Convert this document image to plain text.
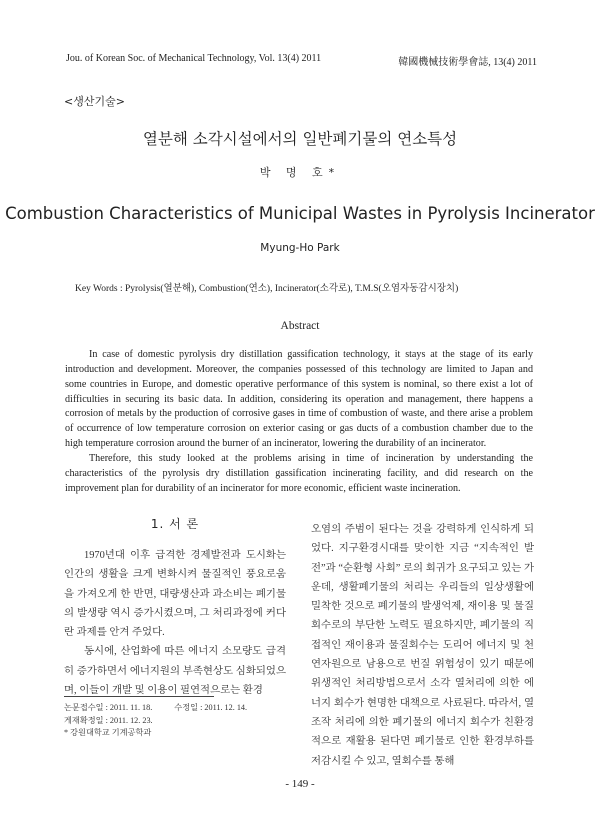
Jou. of Korean Soc. of Mechanical Technology, Vol. 13(4) 2011	韓國機械技術學會誌, 13(4) 2011
<생산기술>
열분해 소각시설에서의 일반폐기물의 연소특성
박 명 호*
Combustion Characteristics of Municipal Wastes in Pyrolysis Incinerator
Myung-Ho Park
Key Words : Pyrolysis(열분해), Combustion(연소), Incinerator(소각로), T.M.S(오염자동감시장치)
Abstract

In case of domestic pyrolysis dry distillation gassification technology, it stays at the stage of its early introduction and development. Moreover, the companies possessed of this technology are limited to Japan and some countries in Europe, and domestic operative performance of this system is nominal, so there exist a lot of difficulties in securing its basic data. In addition, considering its operation and management, there happens a corrosion of metals by the production of corrosive gases in time of combustion of waste, and there arise a problem of occurrence of low temperature corrosion on exterior casing or gas ducts of a combustion chamber due to the high temperature corrosion around the burner of an incinerator, lowering the durability of an incinerator.

Therefore, this study looked at the problems arising in time of incineration by understanding the characteristics of the pyrolysis dry distillation gassification incinerating facility, and did research on the improvement plan for durability of an incinerator for more economic, efficient waste incineration.

1. 서 론

1970년대 이후 급격한 경제발전과 도시화는 인간의 생활을 크게 변화시켜 물질적인 풍요로움을 가져오게 한 반면, 대량생산과 과소비는 폐기물의 발생량 역시 증가시켰으며, 그 처리과정에 커다란 과제를 안겨 주었다.

동시에, 산업화에 따른 에너지 소모량도 급격히 증가하면서 에너지원의 부족현상도 심화되었으며, 이들이 개발 및 이용이 필연적으로는 환경

오염의 주범이 된다는 것을 강력하게 인식하게 되었다. 지구환경시대를 맞이한 지금 “지속적인 발전”과 “순환형 사회” 로의 회귀가 요구되고 있는 가운데, 생활폐기물의 처리는 우리들의 일상생활에 밀착한 것으로 폐기물의 발생억제, 재이용 및 물질회수로의 부단한 노력도 필요하지만, 폐기물의 직접적인 재이용과 물질회수는 도리어 에너지 및 천연자원으로 남용으로 번질 위험성이 있기 때문에 위생적인 처리방법으로서 소각 열처리에 의한 에너지 회수가 현명한 대책으로 사료된다. 따라서, 열조작 처리에 의한 폐기물의 에너지 회수가 친환경적으로 재활용 된다면 폐기물로 인한 환경부하를 저감시킬 수 있고, 열회수를 통해

논문접수일 : 2011. 11. 18.	수정일 : 2011. 12. 14.
게재확정일 : 2011. 12. 23.
* 강원대학교 기계공학과
- 149 -
